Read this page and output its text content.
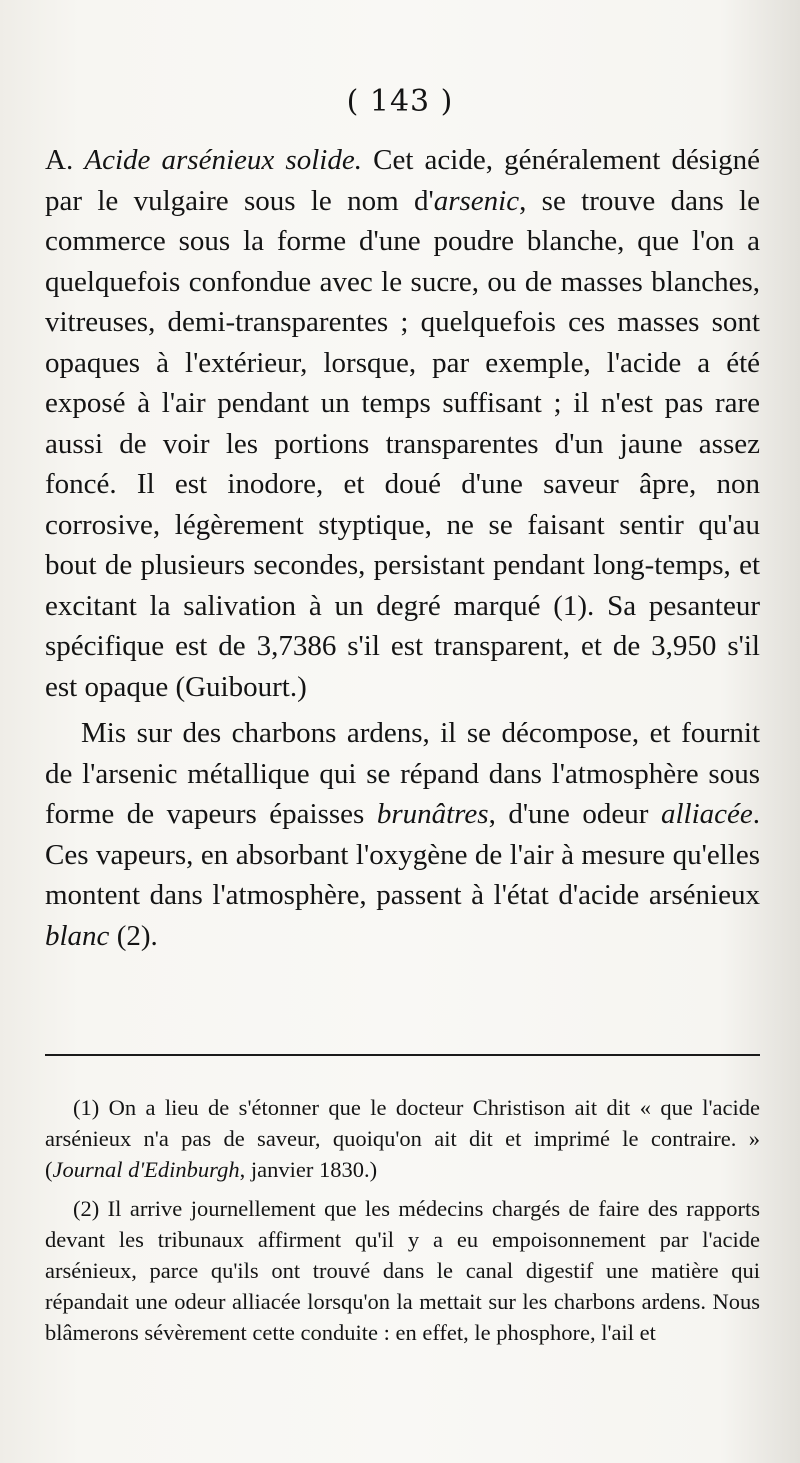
( 143 )

A. Acide arsénieux solide. Cet acide, généralement désigné par le vulgaire sous le nom d'arsenic, se trouve dans le commerce sous la forme d'une poudre blanche, que l'on a quelquefois confondue avec le sucre, ou de masses blanches, vitreuses, demi-transparentes ; quelquefois ces masses sont opaques à l'extérieur, lorsque, par exemple, l'acide a été exposé à l'air pendant un temps suffisant ; il n'est pas rare aussi de voir les portions transparentes d'un jaune assez foncé. Il est inodore, et doué d'une saveur âpre, non corrosive, légèrement styptique, ne se faisant sentir qu'au bout de plusieurs secondes, persistant pendant long-temps, et excitant la salivation à un degré marqué (1). Sa pesanteur spécifique est de 3,7386 s'il est transparent, et de 3,950 s'il est opaque (Guibourt.)

Mis sur des charbons ardens, il se décompose, et fournit de l'arsenic métallique qui se répand dans l'atmosphère sous forme de vapeurs épaisses brunâtres, d'une odeur alliacée. Ces vapeurs, en absorbant l'oxygène de l'air à mesure qu'elles montent dans l'atmosphère, passent à l'état d'acide arsénieux blanc (2).

(1) On a lieu de s'étonner que le docteur Christison ait dit « que l'acide arsénieux n'a pas de saveur, quoiqu'on ait dit et imprimé le contraire. » (Journal d'Edinburgh, janvier 1830.)

(2) Il arrive journellement que les médecins chargés de faire des rapports devant les tribunaux affirment qu'il y a eu empoisonnement par l'acide arsénieux, parce qu'ils ont trouvé dans le canal digestif une matière qui répandait une odeur alliacée lorsqu'on la mettait sur les charbons ardens. Nous blâmerons sévèrement cette conduite : en effet, le phosphore, l'ail et
